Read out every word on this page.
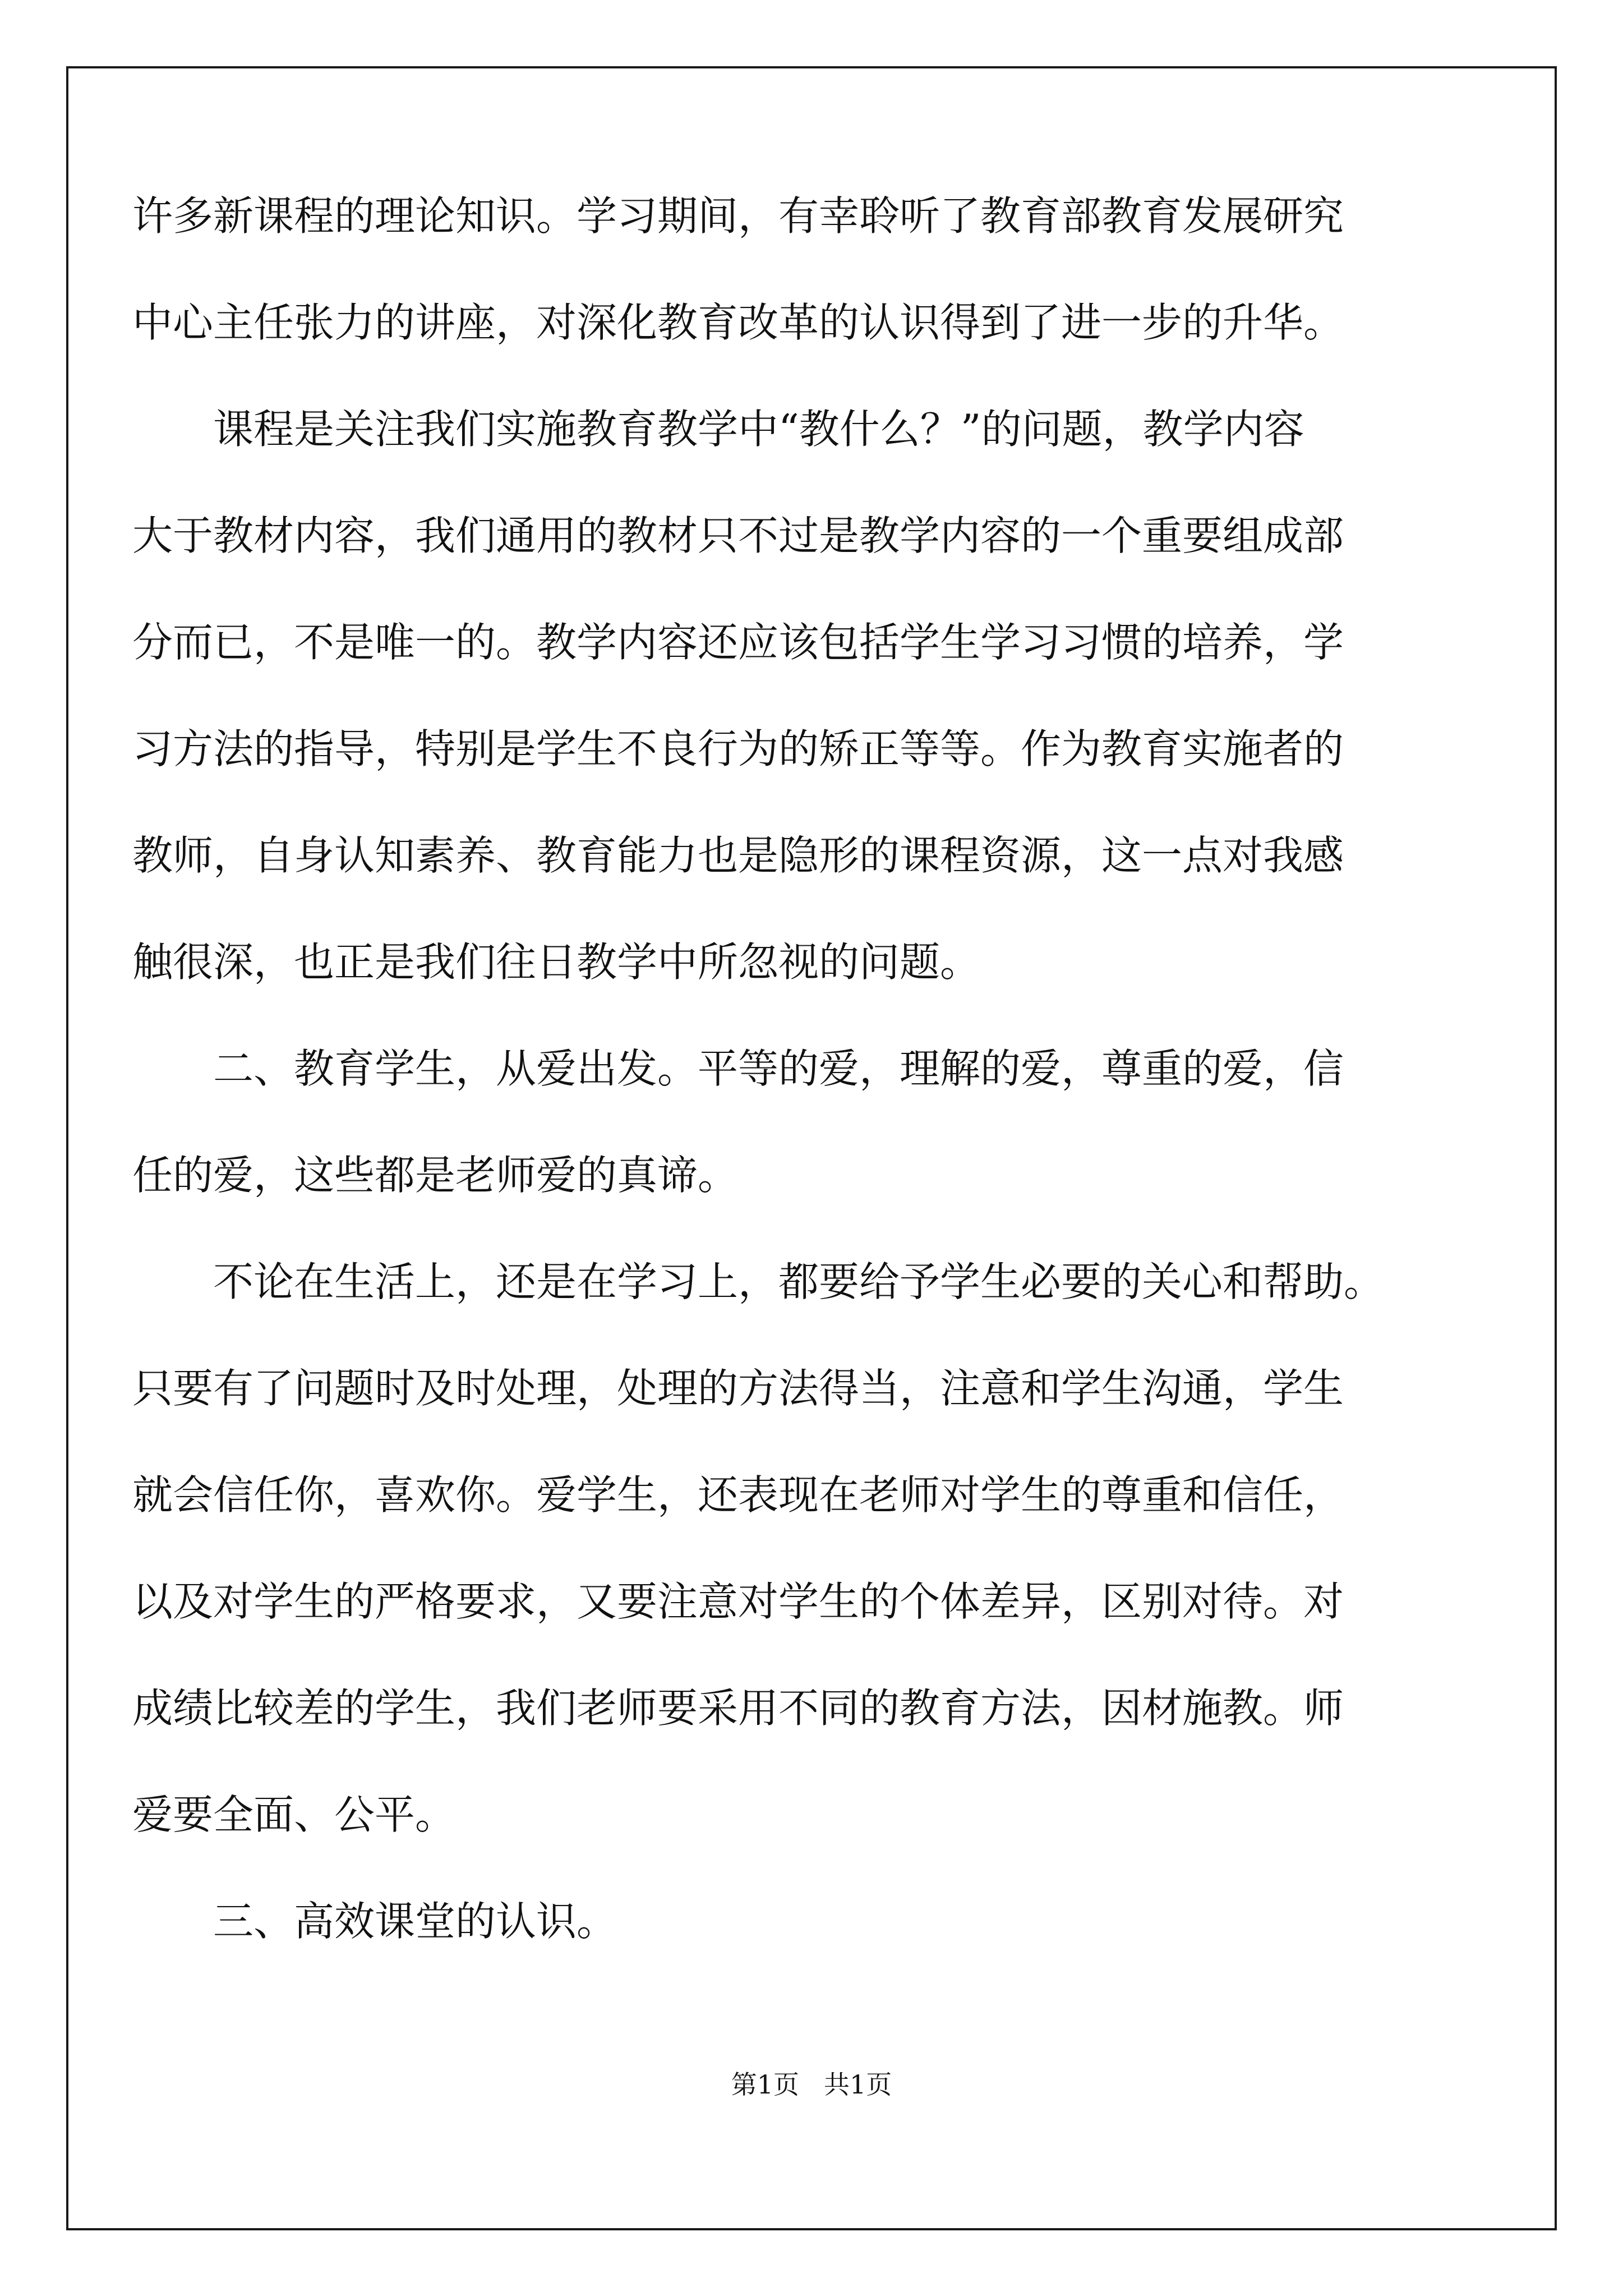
许多新课程的理论知识。学习期间，有幸聆听了教育部教育发展研究
中心主任张力的讲座，对深化教育改革的认识得到了进一步的升华。
课程是关注我们实施教育教学中“教什么？”的问题，教学内容
大于教材内容，我们通用的教材只不过是教学内容的一个重要组成部
分而已，不是唯一的。教学内容还应该包括学生学习习惯的培养，学
习方法的指导，特别是学生不良行为的矫正等等。作为教育实施者的
教师，自身认知素养、教育能力也是隐形的课程资源，这一点对我感
触很深，也正是我们往日教学中所忽视的问题。
二、教育学生，从爱出发。平等的爱，理解的爱，尊重的爱，信
任的爱，这些都是老师爱的真谛。
不论在生活上，还是在学习上，都要给予学生必要的关心和帮助。
只要有了问题时及时处理，处理的方法得当，注意和学生沟通，学生
就会信任你，喜欢你。爱学生，还表现在老师对学生的尊重和信任，
以及对学生的严格要求，又要注意对学生的个体差异，区别对待。对
成绩比较差的学生，我们老师要采用不同的教育方法，因材施教。师
爱要全面、公平。
三、高效课堂的认识。
第1页 共1页
